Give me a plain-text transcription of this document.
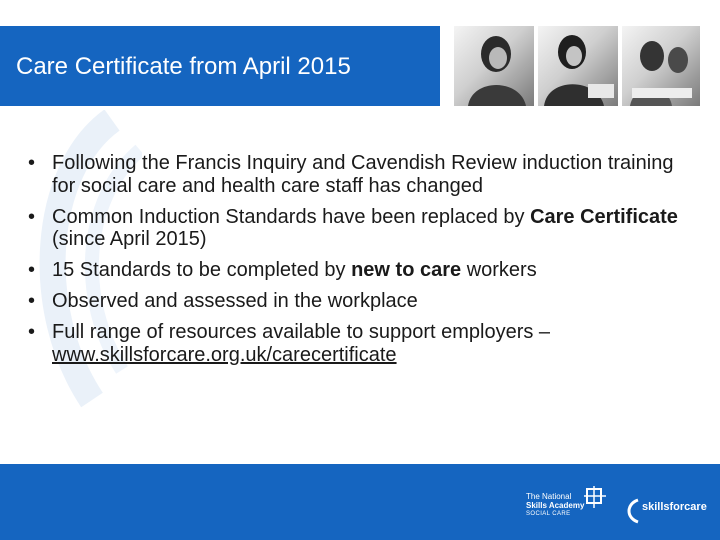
Care Certificate from April 2015
• Following the Francis Inquiry and Cavendish Review induction training for social care and health care staff has changed
• Common Induction Standards have been replaced by Care Certificate (since April 2015)
• 15 Standards to be completed by new to care workers
• Observed and assessed in the workplace
• Full range of resources available to support employers – www.skillsforcare.org.uk/carecertificate
The National
Skills Academy
SOCIAL CARE
skillsforcare
